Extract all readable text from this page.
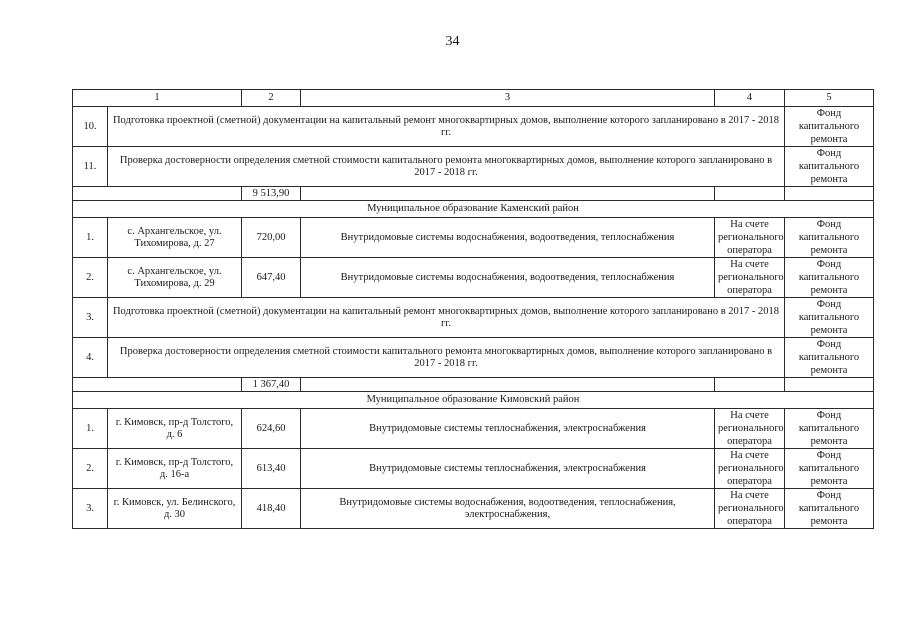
34
1		2	3	4	5
10.	Подготовка проектной (сметной) документации на капитальный ремонт многоквартирных домов, выполнение которого запланировано в 2017 - 2018 гг.				Фонд капитального ремонта
11.	Проверка достоверности определения сметной стоимости капитального ремонта многоквартирных домов, выполнение которого запланировано в 2017 - 2018 гг.				Фонд капитального ремонта
		9 513,90			
Муниципальное образование Каменский район					
1.	с. Архангельское, ул. Тихомирова, д. 27	720,00	Внутридомовые системы водоснабжения, водоотведения, теплоснабжения	На счете регионального оператора	Фонд капитального ремонта
2.	с. Архангельское, ул. Тихомирова, д. 29	647,40	Внутридомовые системы водоснабжения, водоотведения, теплоснабжения	На счете регионального оператора	Фонд капитального ремонта
3.	Подготовка проектной (сметной) документации на капитальный ремонт многоквартирных домов, выполнение которого запланировано в 2017 - 2018 гг.				Фонд капитального ремонта
4.	Проверка достоверности определения сметной стоимости капитального ремонта многоквартирных домов, выполнение которого запланировано в 2017 - 2018 гг.				Фонд капитального ремонта
		1 367,40			
Муниципальное образование Кимовский район					
1.	г. Кимовск, пр-д Толстого, д. 6	624,60	Внутридомовые системы теплоснабжения, электроснабжения	На счете регионального оператора	Фонд капитального ремонта
2.	г. Кимовск, пр-д Толстого, д. 16-а	613,40	Внутридомовые системы теплоснабжения, электроснабжения	На счете регионального оператора	Фонд капитального ремонта
3.	г. Кимовск, ул. Белинского, д. 30	418,40	Внутридомовые системы водоснабжения, водоотведения, теплоснабжения, электроснабжения,	На счете регионального оператора	Фонд капитального ремонта
